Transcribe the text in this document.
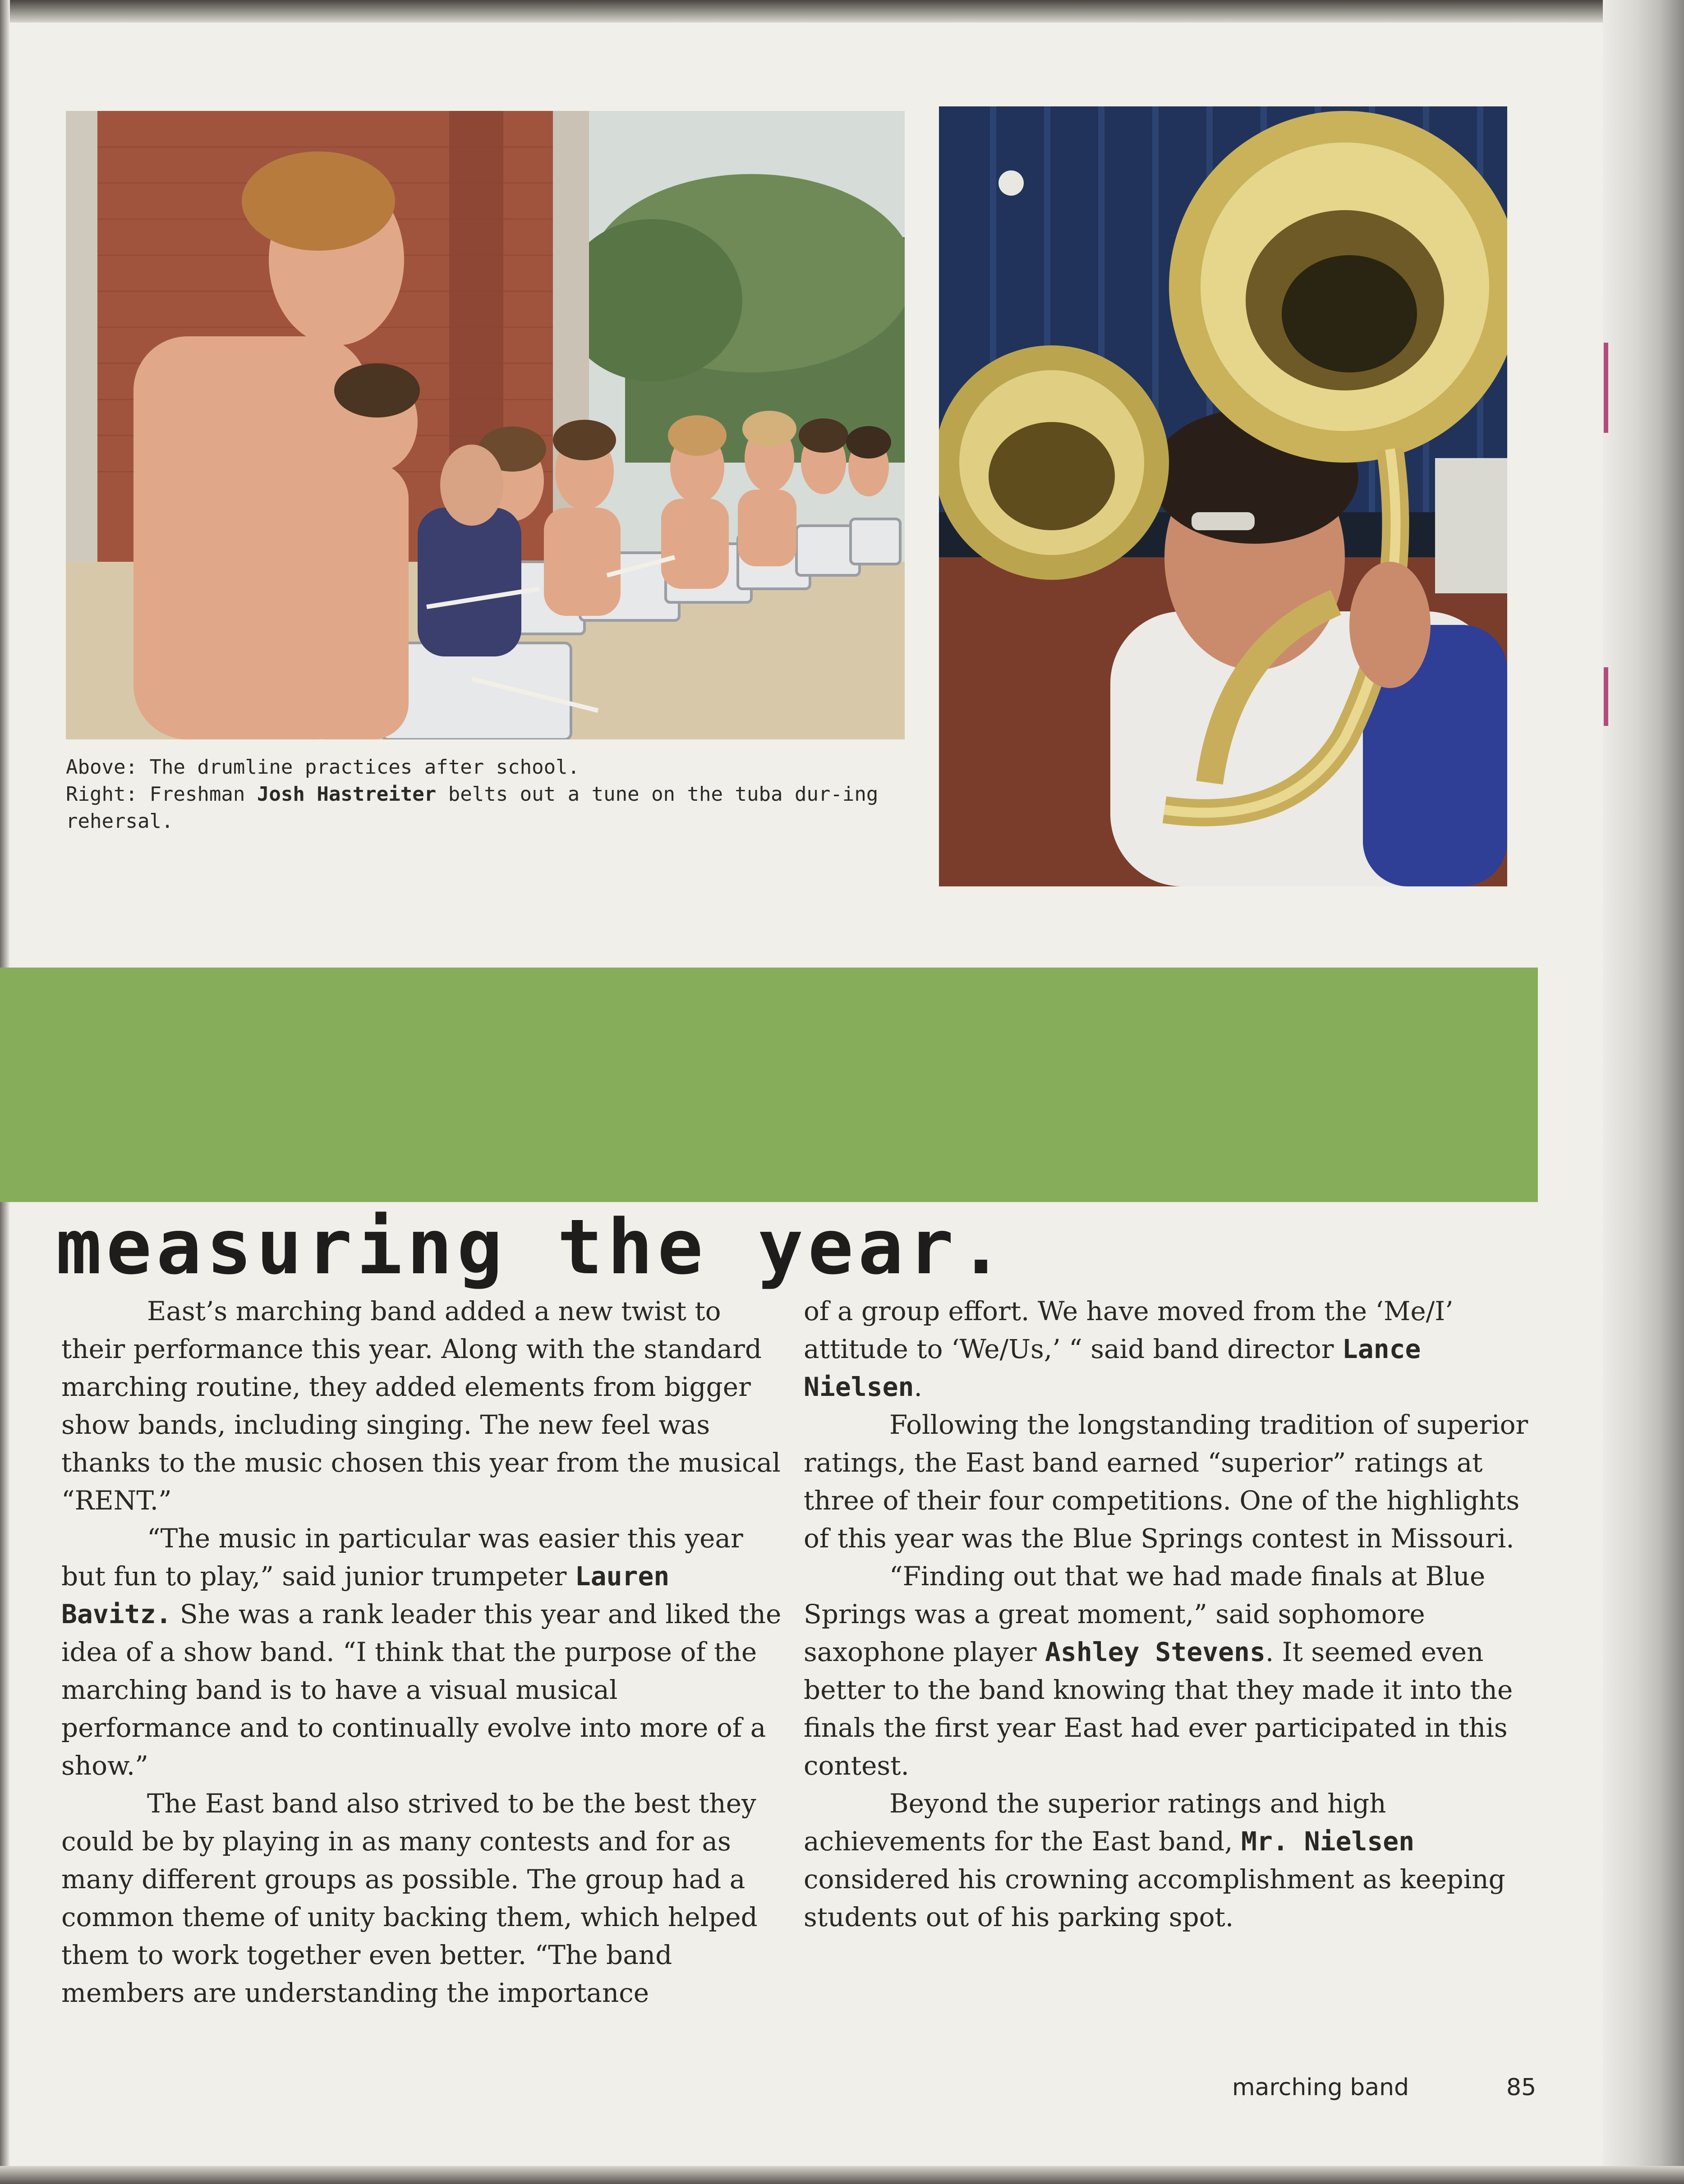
Above: The drumline practices after school.
Right: Freshman Josh Hastreiter belts out a tune on the tuba dur-ing rehersal.
measuring the year.

East’s marching band added a new twist to their performance this year. Along with the standard marching routine, they added elements from bigger show bands, including singing. The new feel was thanks to the music chosen this year from the musical “RENT.”

“The music in particular was easier this year but fun to play,” said junior trumpeter Lauren Bavitz. She was a rank leader this year and liked the idea of a show band. “I think that the purpose of the marching band is to have a visual musical performance and to continually evolve into more of a show.”

The East band also strived to be the best they could be by playing in as many contests and for as many different groups as possible. The group had a common theme of unity backing them, which helped them to work together even better. “The band members are understanding the importance

of a group effort. We have moved from the ‘Me/I’ attitude to ‘We/Us,’ “ said band director Lance Nielsen.

Following the longstanding tradition of superior ratings, the East band earned “superior” ratings at three of their four competitions. One of the highlights of this year was the Blue Springs contest in Missouri.

“Finding out that we had made finals at Blue Springs was a great moment,” said sophomore saxophone player Ashley Stevens. It seemed even better to the band knowing that they made it into the finals the first year East had ever participated in this contest.

Beyond the superior ratings and high achievements for the East band, Mr. Nielsen considered his crowning accomplishment as keeping students out of his parking spot.

marching band	85
